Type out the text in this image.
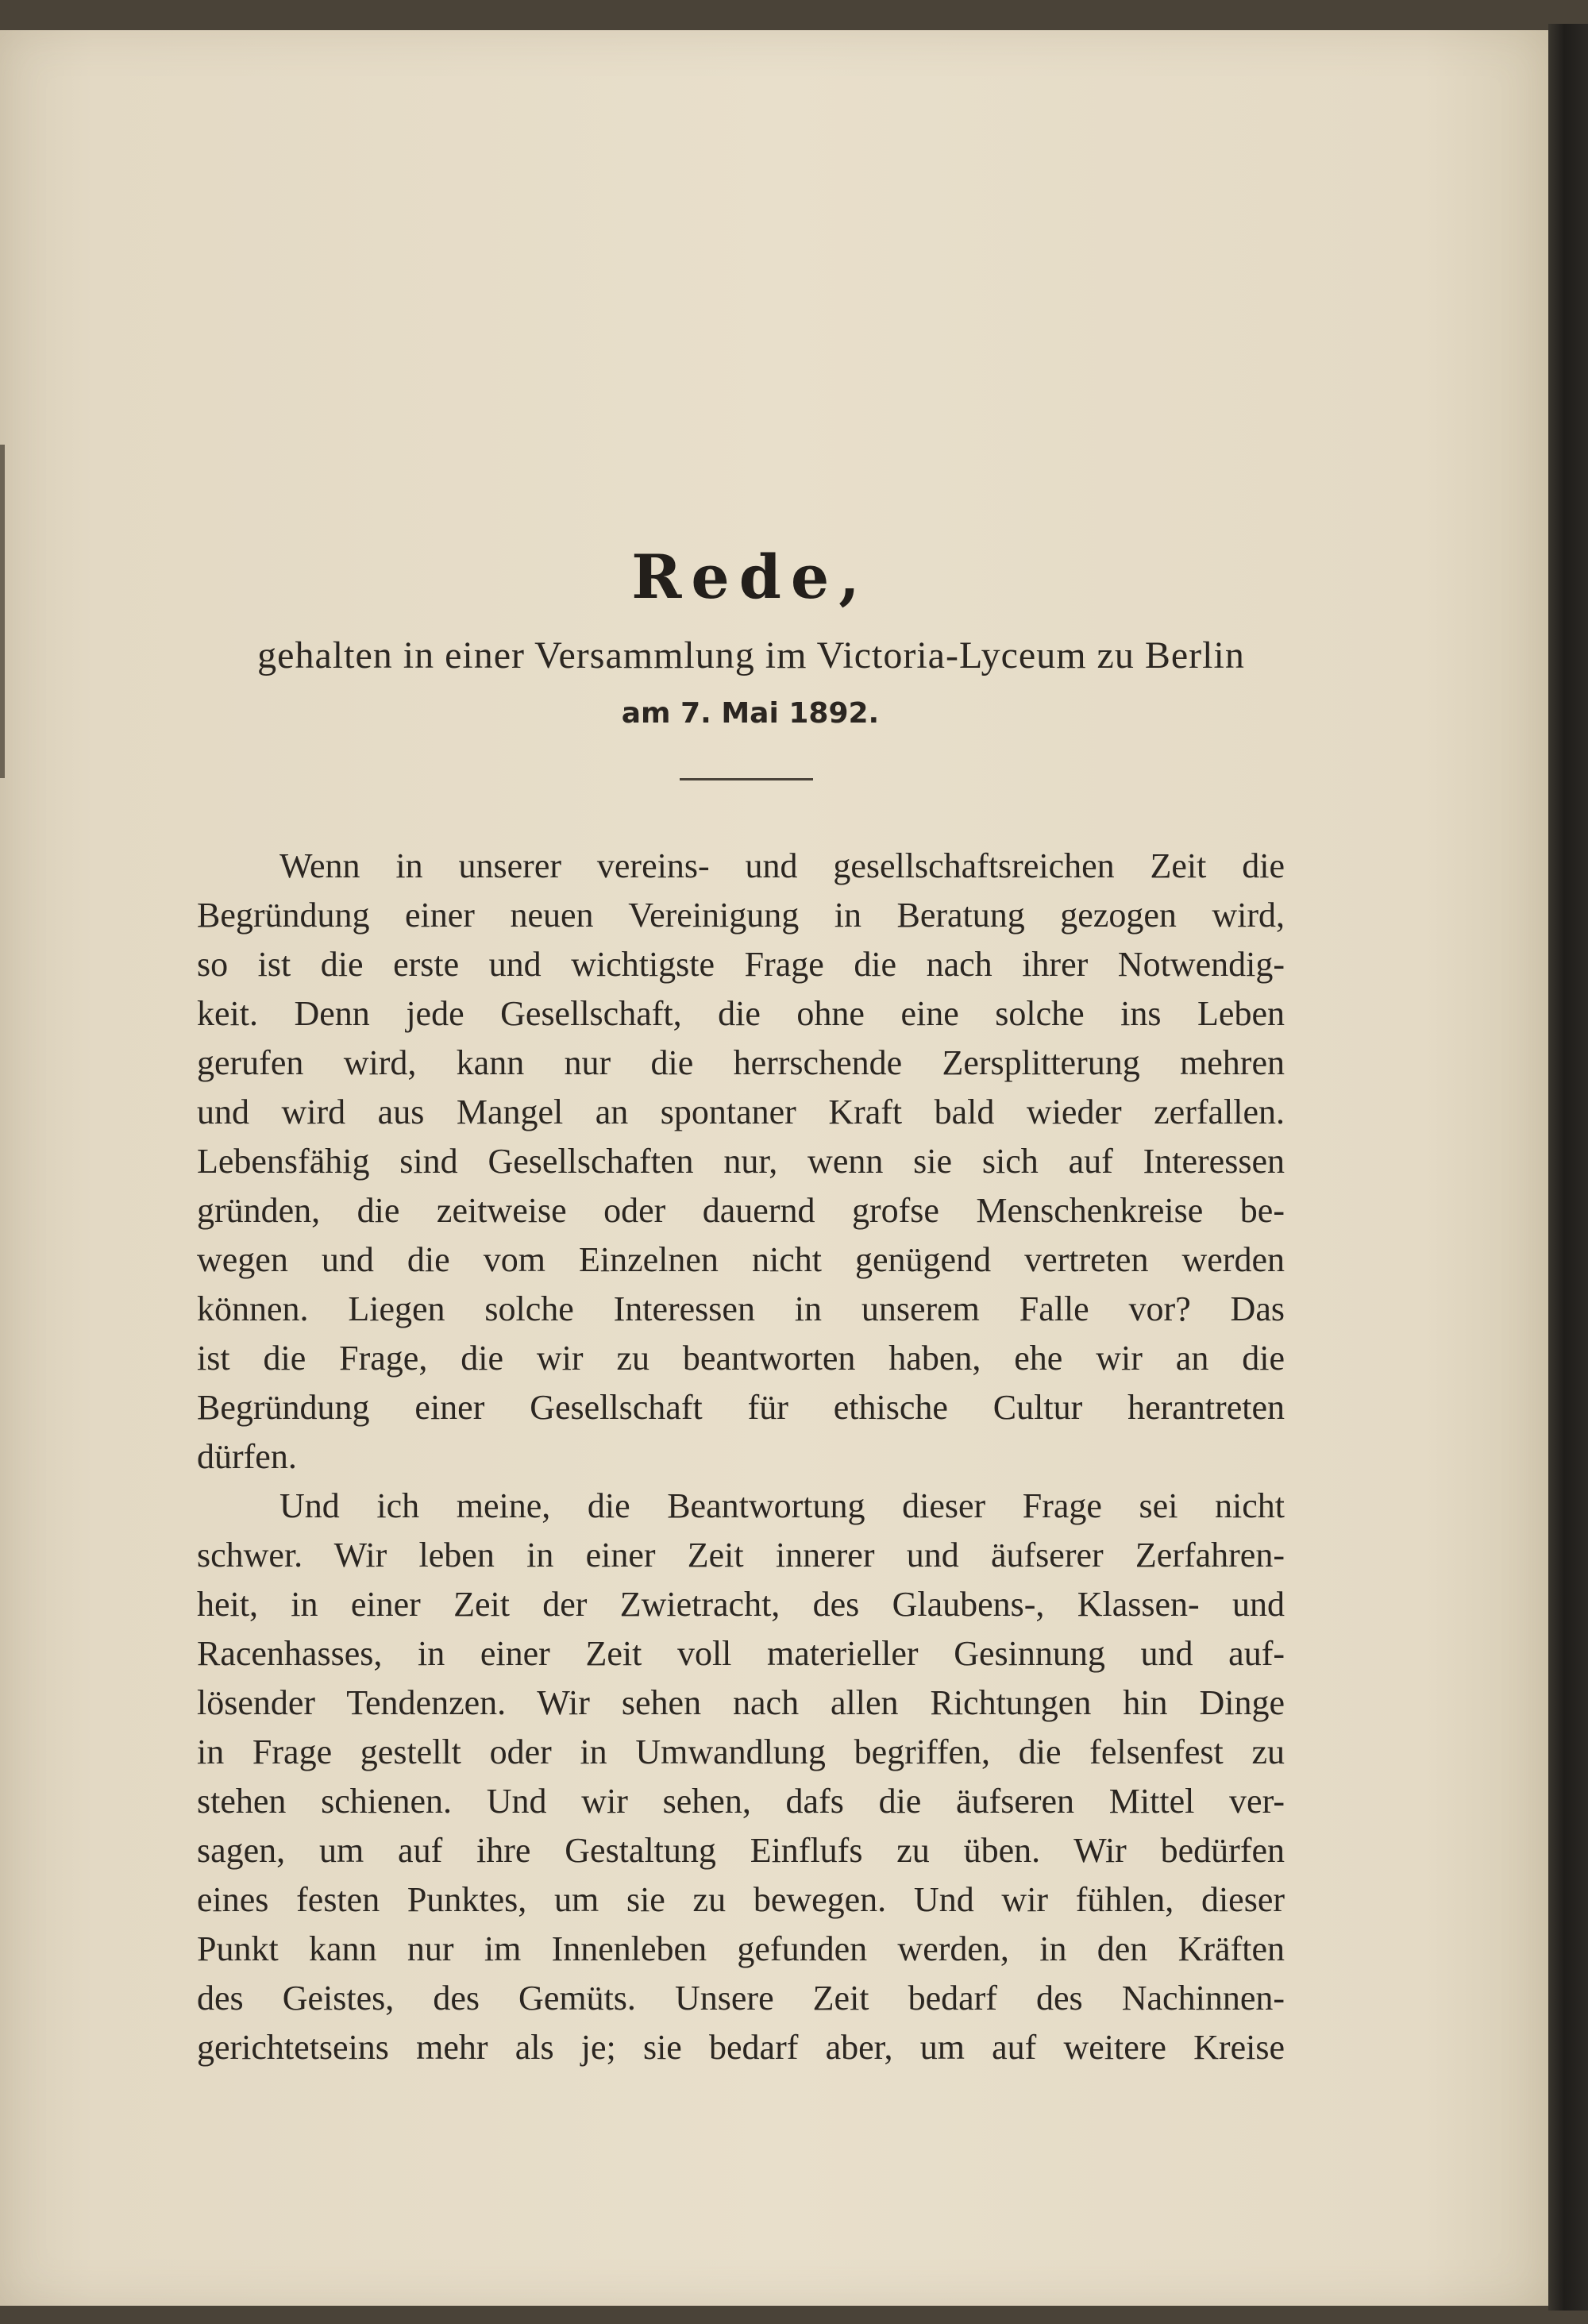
Rede,
gehalten in einer Versammlung im Victoria-Lyceum zu Berlin
am 7. Mai 1892.
Wenn in unserer vereins- und gesellschaftsreichen Zeit die
Begründung einer neuen Vereinigung in Beratung gezogen wird,
so ist die erste und wichtigste Frage die nach ihrer Notwendig-
keit. Denn jede Gesellschaft, die ohne eine solche ins Leben
gerufen wird, kann nur die herrschende Zersplitterung mehren
und wird aus Mangel an spontaner Kraft bald wieder zerfallen.
Lebensfähig sind Gesellschaften nur, wenn sie sich auf Interessen
gründen, die zeitweise oder dauernd grofse Menschenkreise be-
wegen und die vom Einzelnen nicht genügend vertreten werden
können. Liegen solche Interessen in unserem Falle vor? Das
ist die Frage, die wir zu beantworten haben, ehe wir an die
Begründung einer Gesellschaft für ethische Cultur herantreten
dürfen.
Und ich meine, die Beantwortung dieser Frage sei nicht
schwer. Wir leben in einer Zeit innerer und äufserer Zerfahren-
heit, in einer Zeit der Zwietracht, des Glaubens-, Klassen- und
Racenhasses, in einer Zeit voll materieller Gesinnung und auf-
lösender Tendenzen. Wir sehen nach allen Richtungen hin Dinge
in Frage gestellt oder in Umwandlung begriffen, die felsenfest zu
stehen schienen. Und wir sehen, dafs die äufseren Mittel ver-
sagen, um auf ihre Gestaltung Einflufs zu üben. Wir bedürfen
eines festen Punktes, um sie zu bewegen. Und wir fühlen, dieser
Punkt kann nur im Innenleben gefunden werden, in den Kräften
des Geistes, des Gemüts. Unsere Zeit bedarf des Nachinnen-
gerichtetseins mehr als je; sie bedarf aber, um auf weitere Kreise
